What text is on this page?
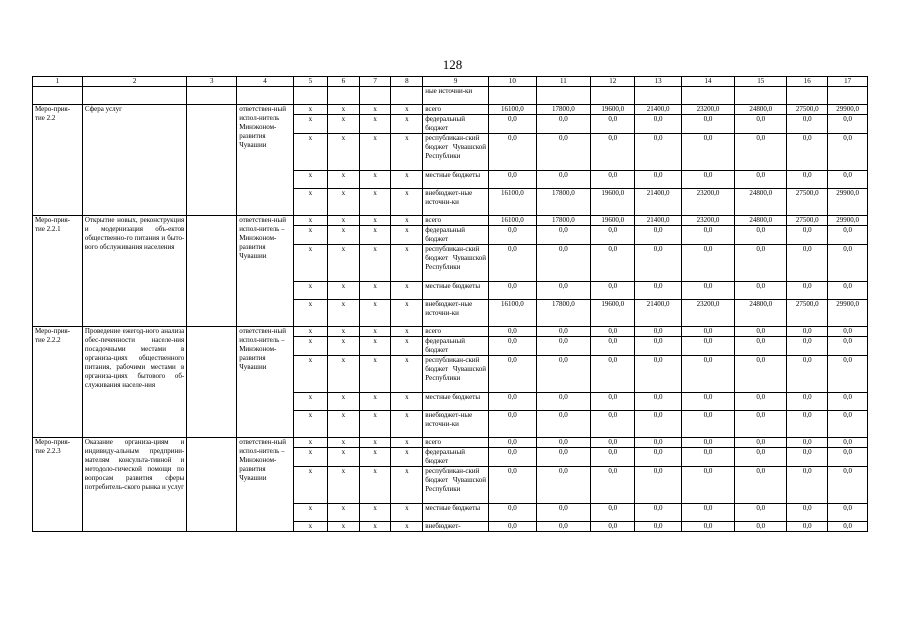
128
1	2	3	4	5	6	7	8	9	10	11	12	13	14	15	16	17
								ные источни-ки								
Меро-прия-тие 2.2	Сфера услуг		ответствен-ный испол-нитель Минэконом-развития Чувашии	x	x	x	x	всего	16100,0	17800,0	19600,0	21400,0	23200,0	24800,0	27500,0	29900,0
				x	x	x	x	федеральный бюджет	0,0	0,0	0,0	0,0	0,0	0,0	0,0	0,0
				x	x	x	x	республикан-ский бюджет Чувашской Республики	0,0	0,0	0,0	0,0	0,0	0,0	0,0	0,0
				x	x	x	x	местные бюджеты	0,0	0,0	0,0	0,0	0,0	0,0	0,0	0,0
				x	x	x	x	внебюджет-ные источни-ки	16100,0	17800,0	19600,0	21400,0	23200,0	24800,0	27500,0	29900,0
Меро-прия-тие 2.2.1	Открытие новых, реконструкция и модернизация объ-ектов общественно-го питания и быто-вого обслуживания населения		ответствен-ный испол-нитель – Минэконом-развития Чувашии	x	x	x	x	всего	16100,0	17800,0	19600,0	21400,0	23200,0	24800,0	27500,0	29900,0
				x	x	x	x	федеральный бюджет	0,0	0,0	0,0	0,0	0,0	0,0	0,0	0,0
				x	x	x	x	республикан-ский бюджет Чувашской Республики	0,0	0,0	0,0	0,0	0,0	0,0	0,0	0,0
				x	x	x	x	местные бюджеты	0,0	0,0	0,0	0,0	0,0	0,0	0,0	0,0
				x	x	x	x	внебюджет-ные источни-ки	16100,0	17800,0	19600,0	21400,0	23200,0	24800,0	27500,0	29900,0
Меро-прия-тие 2.2.2	Проведение ежегод-ного анализа обес-печенности населе-ния посадочными местами в организа-циях общественного питания, рабочими местами в организа-циях бытового об-служивания населе-ния		ответствен-ный испол-нитель – Минэконом-развития Чувашии	x	x	x	x	всего	0,0	0,0	0,0	0,0	0,0	0,0	0,0	0,0
				x	x	x	x	федеральный бюджет	0,0	0,0	0,0	0,0	0,0	0,0	0,0	0,0
				x	x	x	x	республикан-ский бюджет Чувашской Республики	0,0	0,0	0,0	0,0	0,0	0,0	0,0	0,0
				x	x	x	x	местные бюджеты	0,0	0,0	0,0	0,0	0,0	0,0	0,0	0,0
				x	x	x	x	внебюджет-ные источни-ки	0,0	0,0	0,0	0,0	0,0	0,0	0,0	0,0
Меро-прия-тие 2.2.3	Оказание организа-циям и индивиду-альным предприни-мателям консульта-тивной и методоло-гической помощи по вопросам развития сферы потребитель-ского рынка и услуг		ответствен-ный испол-нитель – Минэконом-развития Чувашии	x	x	x	x	всего	0,0	0,0	0,0	0,0	0,0	0,0	0,0	0,0
				x	x	x	x	федеральный бюджет	0,0	0,0	0,0	0,0	0,0	0,0	0,0	0,0
				x	x	x	x	республикан-ский бюджет Чувашской Республики	0,0	0,0	0,0	0,0	0,0	0,0	0,0	0,0
				x	x	x	x	местные бюджеты	0,0	0,0	0,0	0,0	0,0	0,0	0,0	0,0
				x	x	x	x	внебюджет-	0,0	0,0	0,0	0,0	0,0	0,0	0,0	0,0
